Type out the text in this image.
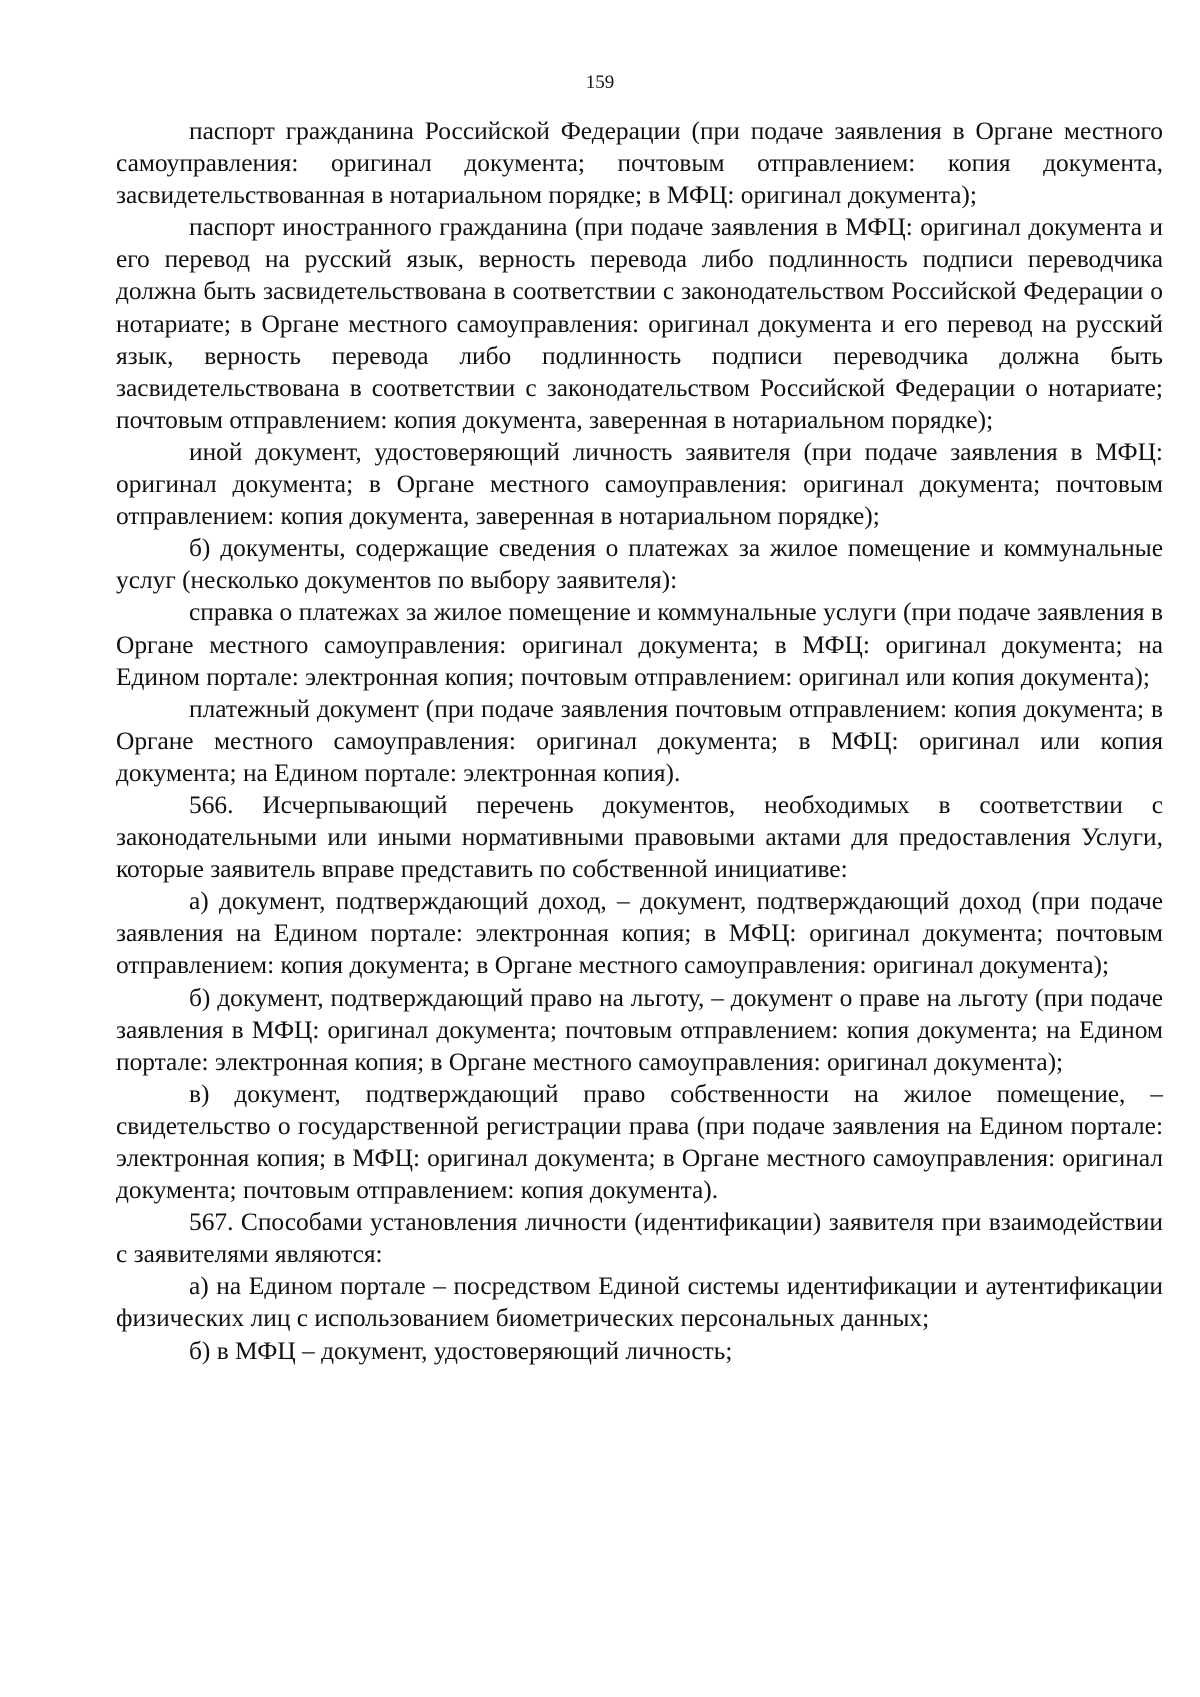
159

паспорт гражданина Российской Федерации (при подаче заявления в Органе местного самоуправления: оригинал документа; почтовым отправлением: копия документа, засвидетельствованная в нотариальном порядке; в МФЦ: оригинал документа);

паспорт иностранного гражданина (при подаче заявления в МФЦ: оригинал документа и его перевод на русский язык, верность перевода либо подлинность подписи переводчика должна быть засвидетельствована в соответствии с законодательством Российской Федерации о нотариате; в Органе местного самоуправления: оригинал документа и его перевод на русский язык, верность перевода либо подлинность подписи переводчика должна быть засвидетельствована в соответствии с законодательством Российской Федерации о нотариате; почтовым отправлением: копия документа, заверенная в нотариальном порядке);

иной документ, удостоверяющий личность заявителя (при подаче заявления в МФЦ: оригинал документа; в Органе местного самоуправления: оригинал документа; почтовым отправлением: копия документа, заверенная в нотариальном порядке);

б) документы, содержащие сведения о платежах за жилое помещение и коммунальные услуг (несколько документов по выбору заявителя):

справка о платежах за жилое помещение и коммунальные услуги (при подаче заявления в Органе местного самоуправления: оригинал документа; в МФЦ: оригинал документа; на Едином портале: электронная копия; почтовым отправлением: оригинал или копия документа);

платежный документ (при подаче заявления почтовым отправлением: копия документа; в Органе местного самоуправления: оригинал документа; в МФЦ: оригинал или копия документа; на Едином портале: электронная копия).

566. Исчерпывающий перечень документов, необходимых в соответствии с законодательными или иными нормативными правовыми актами для предоставления Услуги, которые заявитель вправе представить по собственной инициативе:

а) документ, подтверждающий доход, – документ, подтверждающий доход (при подаче заявления на Едином портале: электронная копия; в МФЦ: оригинал документа; почтовым отправлением: копия документа; в Органе местного самоуправления: оригинал документа);

б) документ, подтверждающий право на льготу, – документ о праве на льготу (при подаче заявления в МФЦ: оригинал документа; почтовым отправлением: копия документа; на Едином портале: электронная копия; в Органе местного самоуправления: оригинал документа);

в) документ, подтверждающий право собственности на жилое помещение, – свидетельство о государственной регистрации права (при подаче заявления на Едином портале: электронная копия; в МФЦ: оригинал документа; в Органе местного самоуправления: оригинал документа; почтовым отправлением: копия документа).

567. Способами установления личности (идентификации) заявителя при взаимодействии с заявителями являются:

а) на Едином портале – посредством Единой системы идентификации и аутентификации физических лиц с использованием биометрических персональных данных;

б) в МФЦ – документ, удостоверяющий личность;
